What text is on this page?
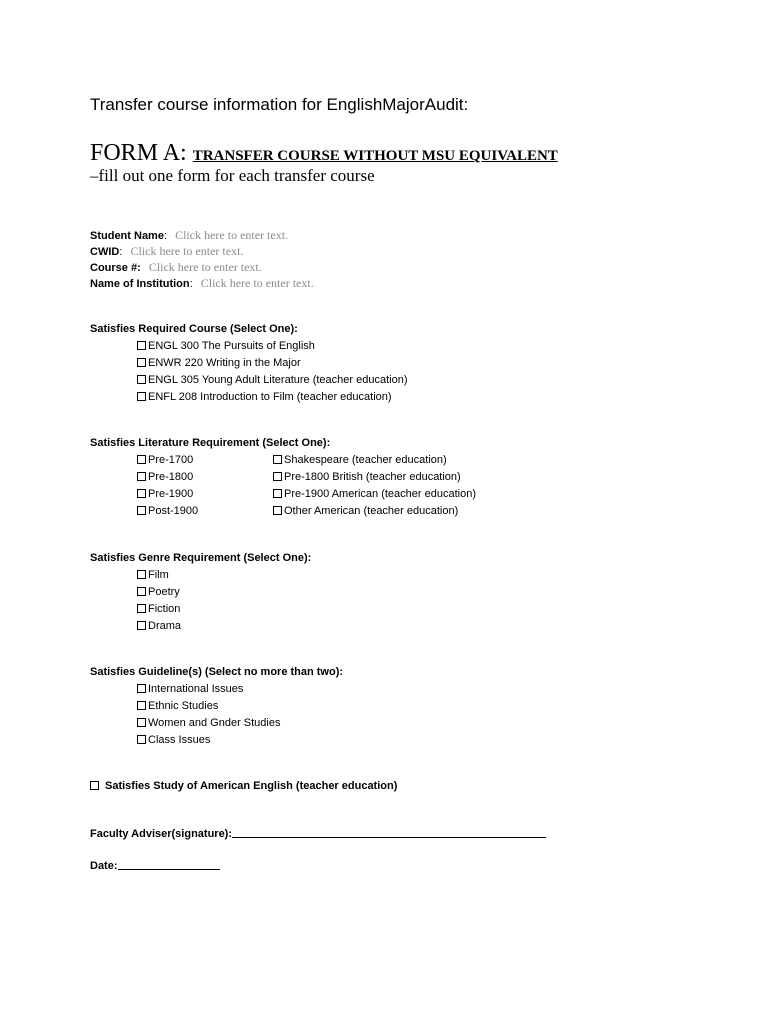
Transfer course information for EnglishMajorAudit:
FORM A: TRANSFER COURSE WITHOUT MSU EQUIVALENT
–fill out one form for each transfer course
Student Name: Click here to enter text.
CWID: Click here to enter text.
Course #: Click here to enter text.
Name of Institution: Click here to enter text.
Satisfies Required Course (Select One):
ENGL 300 The Pursuits of English
ENWR 220 Writing in the Major
ENGL 305 Young Adult Literature (teacher education)
ENFL 208 Introduction to Film (teacher education)
Satisfies Literature Requirement (Select One):
Pre-1700
Pre-1800
Pre-1900
Post-1900
Shakespeare (teacher education)
Pre-1800 British (teacher education)
Pre-1900 American (teacher education)
Other American (teacher education)
Satisfies Genre Requirement (Select One):
Film
Poetry
Fiction
Drama
Satisfies Guideline(s) (Select no more than two):
International Issues
Ethnic Studies
Women and Gnder Studies
Class Issues
Satisfies Study of American English (teacher education)
Faculty Adviser(signature):
Date:
